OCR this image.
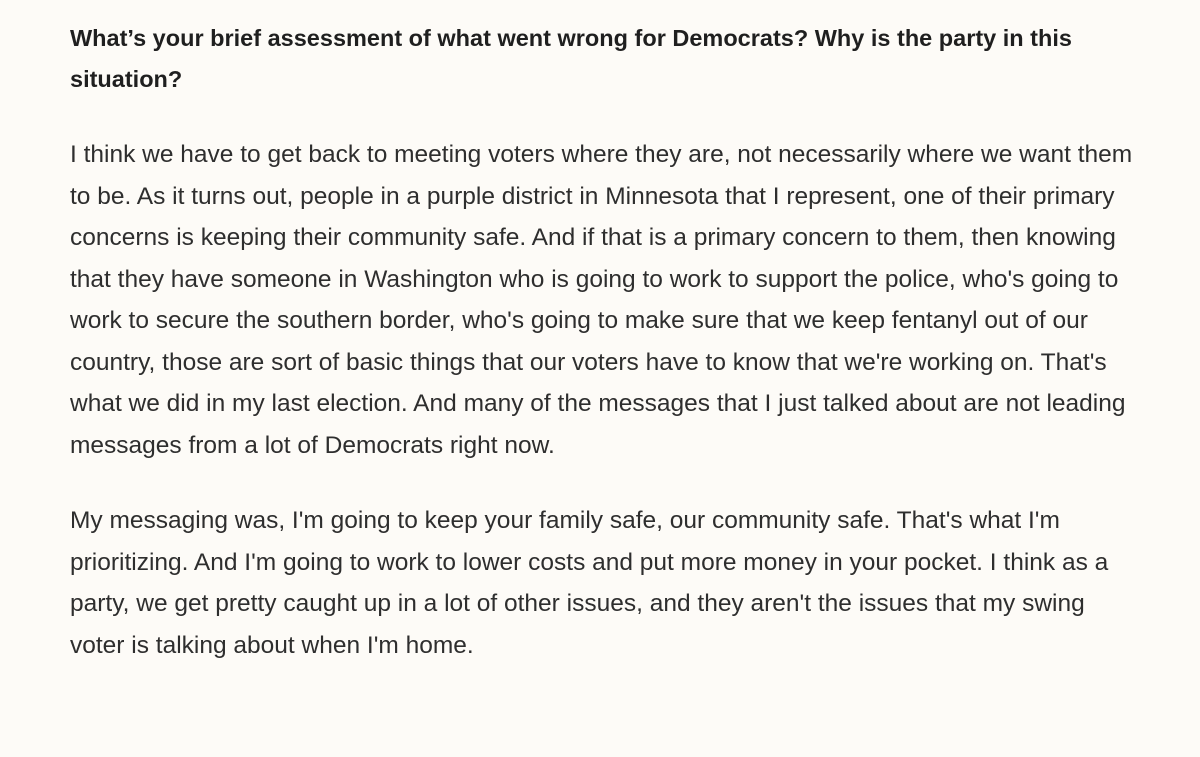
What’s your brief assessment of what went wrong for Democrats? Why is the party in this situation?

I think we have to get back to meeting voters where they are, not necessarily where we want them to be. As it turns out, people in a purple district in Minnesota that I represent, one of their primary concerns is keeping their community safe. And if that is a primary concern to them, then knowing that they have someone in Washington who is going to work to support the police, who's going to work to secure the southern border, who's going to make sure that we keep fentanyl out of our country, those are sort of basic things that our voters have to know that we're working on. That's what we did in my last election. And many of the messages that I just talked about are not leading messages from a lot of Democrats right now.

My messaging was, I'm going to keep your family safe, our community safe. That's what I'm prioritizing. And I'm going to work to lower costs and put more money in your pocket. I think as a party, we get pretty caught up in a lot of other issues, and they aren't the issues that my swing voter is talking about when I'm home.
